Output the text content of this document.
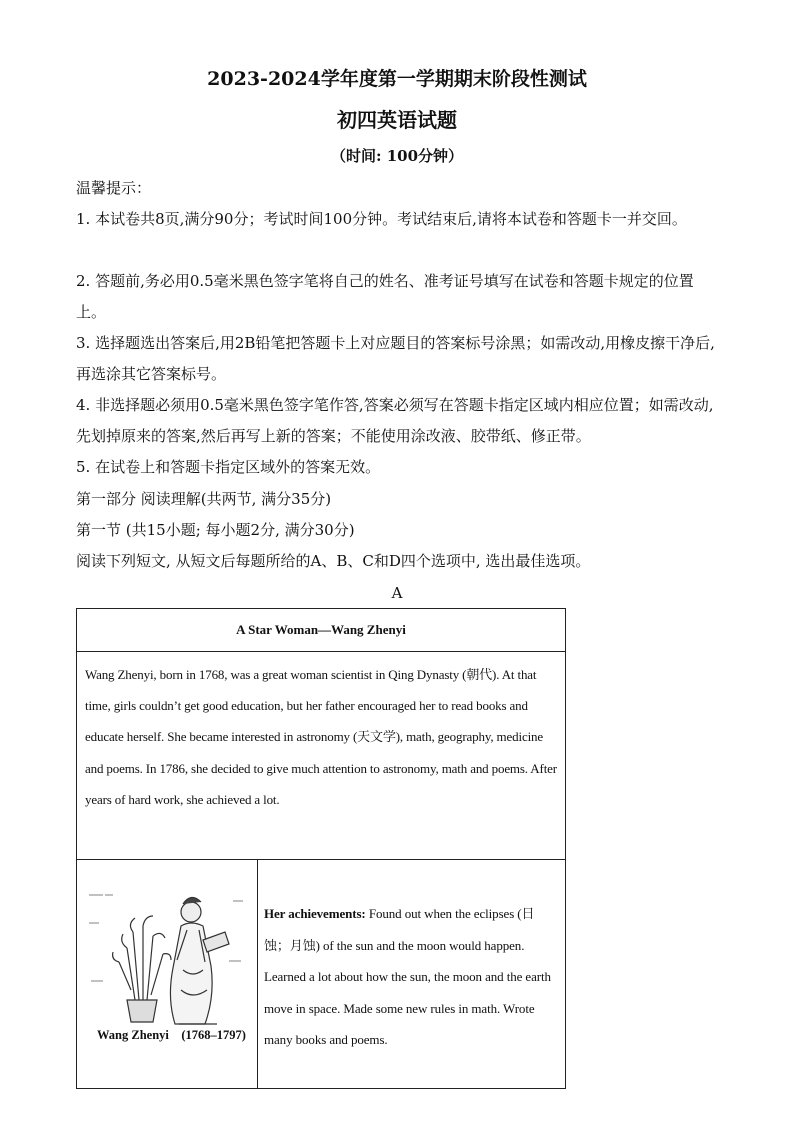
2023-2024学年度第一学期期末阶段性测试
初四英语试题
（时间: 100分钟）
温馨提示：
1. 本试卷共8页,满分90分；考试时间100分钟。考试结束后,请将本试卷和答题卡一并交回。
2. 答题前,务必用0.5毫米黑色签字笔将自己的姓名、准考证号填写在试卷和答题卡规定的位置上。
3. 选择题选出答案后,用2B铅笔把答题卡上对应题目的答案标号涂黑；如需改动,用橡皮擦干净后,再选涂其它答案标号。
4. 非选择题必须用0.5毫米黑色签字笔作答,答案必须写在答题卡指定区域内相应位置；如需改动,先划掉原来的答案,然后再写上新的答案；不能使用涂改液、胶带纸、修正带。
5. 在试卷上和答题卡指定区域外的答案无效。
第一部分 阅读理解(共两节, 满分35分)
第一节 (共15小题; 每小题2分, 满分30分)
阅读下列短文, 从短文后每题所给的A、B、C和D四个选项中, 选出最佳选项。
A
A Star Woman—Wang Zhenyi
Wang Zhenyi, born in 1768, was a great woman scientist in Qing Dynasty (朝代). At that time, girls couldn’t get good education, but her father encouraged her to read books and educate herself. She became interested in astronomy (天文学), math, geography, medicine and poems. In 1786, she decided to give much attention to astronomy, math and poems. After years of hard work, she achieved a lot.

Wang Zhenyi    (1768–1797)
	Her achievements: Found out when the eclipses (日蚀；月蚀) of the sun and the moon would happen. Learned a lot about how the sun, the moon and the earth move in space. Made some new rules in math. Wrote many books and poems.
